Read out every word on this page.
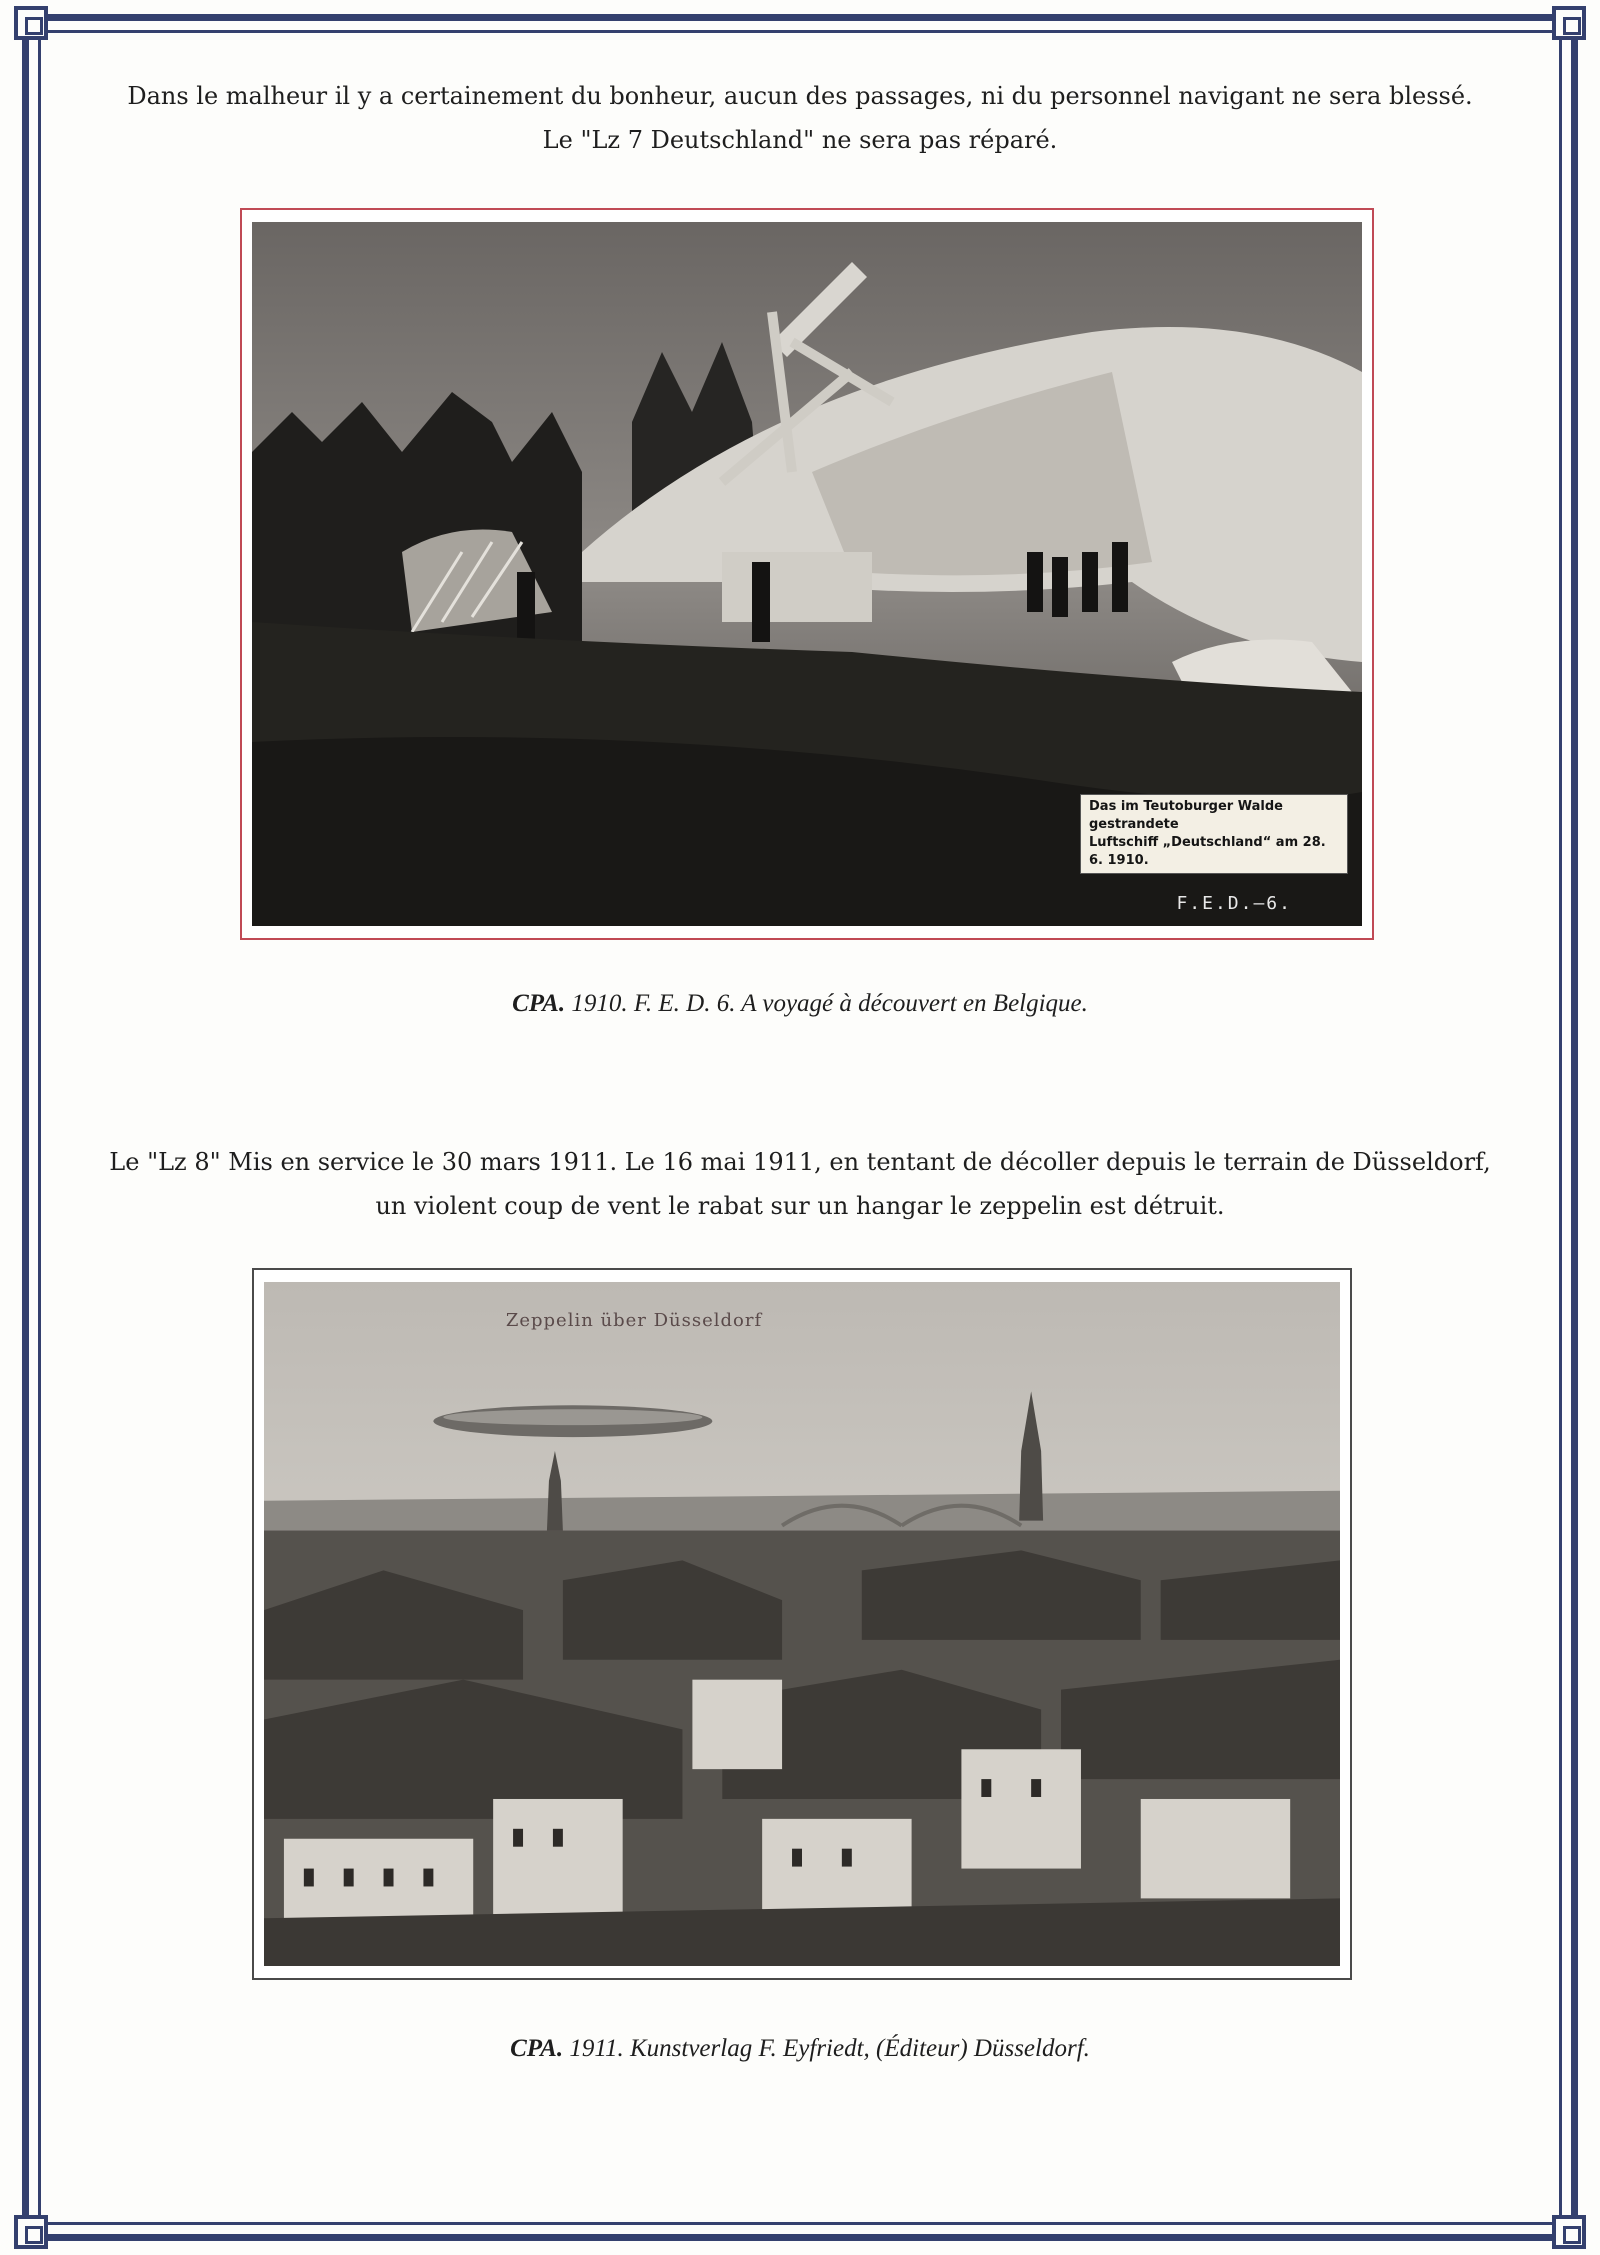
Dans le malheur il y a certainement du bonheur, aucun des passages, ni du personnel navigant ne sera blessé.
Le "Lz 7 Deutschland" ne sera pas réparé.
Das im Teutoburger Walde gestrandete
Luftschiff „Deutschland“ am 28. 6. 1910.
F.E.D.–6.
CPA. 1910. F. E. D. 6. A voyagé à découvert en Belgique.
Le "Lz 8" Mis en service le 30 mars 1911. Le 16 mai 1911, en tentant de décoller depuis le terrain de Düsseldorf,
un violent coup de vent le rabat sur un hangar le zeppelin est détruit.
Zeppelin über Düsseldorf
CPA. 1911. Kunstverlag F. Eyfriedt, (Éditeur) Düsseldorf.
